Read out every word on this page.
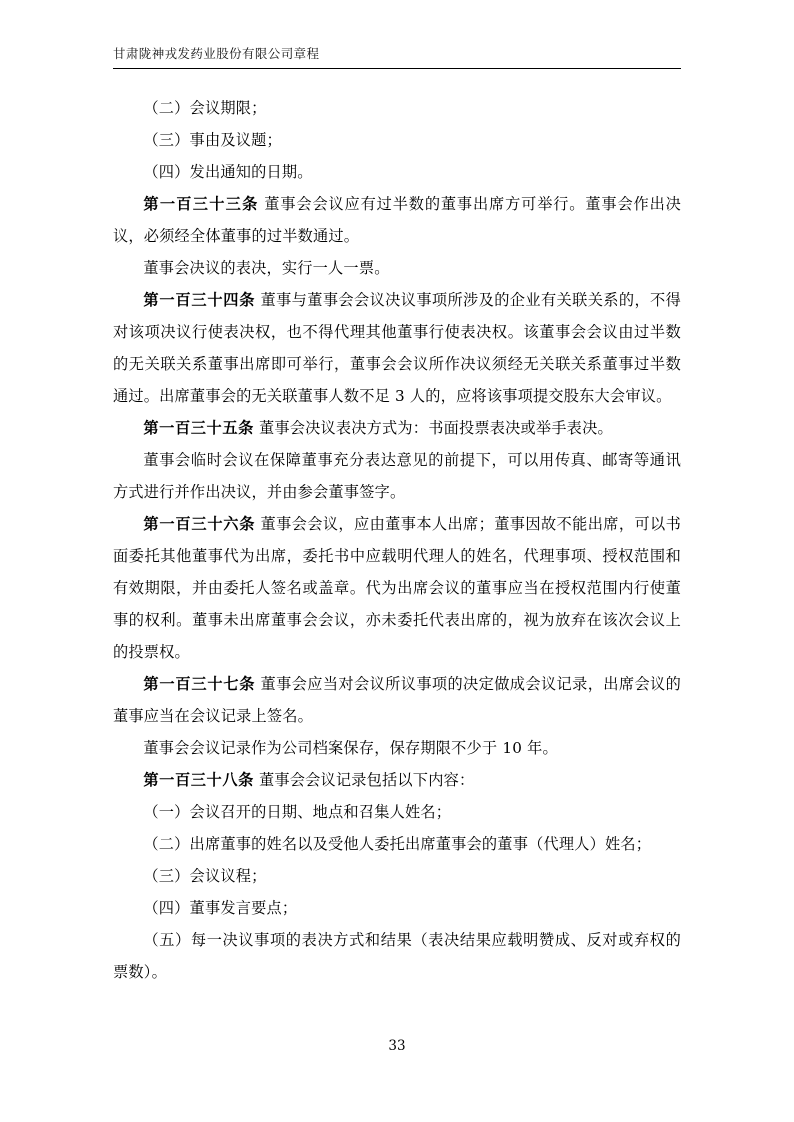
甘肃陇神戎发药业股份有限公司章程

（二）会议期限；

（三）事由及议题；

（四）发出通知的日期。

第一百三十三条 董事会会议应有过半数的董事出席方可举行。董事会作出决议，必须经全体董事的过半数通过。

董事会决议的表决，实行一人一票。

第一百三十四条 董事与董事会会议决议事项所涉及的企业有关联关系的，不得对该项决议行使表决权，也不得代理其他董事行使表决权。该董事会会议由过半数的无关联关系董事出席即可举行，董事会会议所作决议须经无关联关系董事过半数通过。出席董事会的无关联董事人数不足 3 人的，应将该事项提交股东大会审议。

第一百三十五条 董事会决议表决方式为：书面投票表决或举手表决。

董事会临时会议在保障董事充分表达意见的前提下，可以用传真、邮寄等通讯方式进行并作出决议，并由参会董事签字。

第一百三十六条 董事会会议，应由董事本人出席；董事因故不能出席，可以书面委托其他董事代为出席，委托书中应载明代理人的姓名，代理事项、授权范围和有效期限，并由委托人签名或盖章。代为出席会议的董事应当在授权范围内行使董事的权利。董事未出席董事会会议，亦未委托代表出席的，视为放弃在该次会议上的投票权。

第一百三十七条 董事会应当对会议所议事项的决定做成会议记录，出席会议的董事应当在会议记录上签名。

董事会会议记录作为公司档案保存，保存期限不少于 10 年。

第一百三十八条 董事会会议记录包括以下内容：

（一）会议召开的日期、地点和召集人姓名；

（二）出席董事的姓名以及受他人委托出席董事会的董事（代理人）姓名；

（三）会议议程；

（四）董事发言要点；

（五）每一决议事项的表决方式和结果（表决结果应载明赞成、反对或弃权的票数）。

33
